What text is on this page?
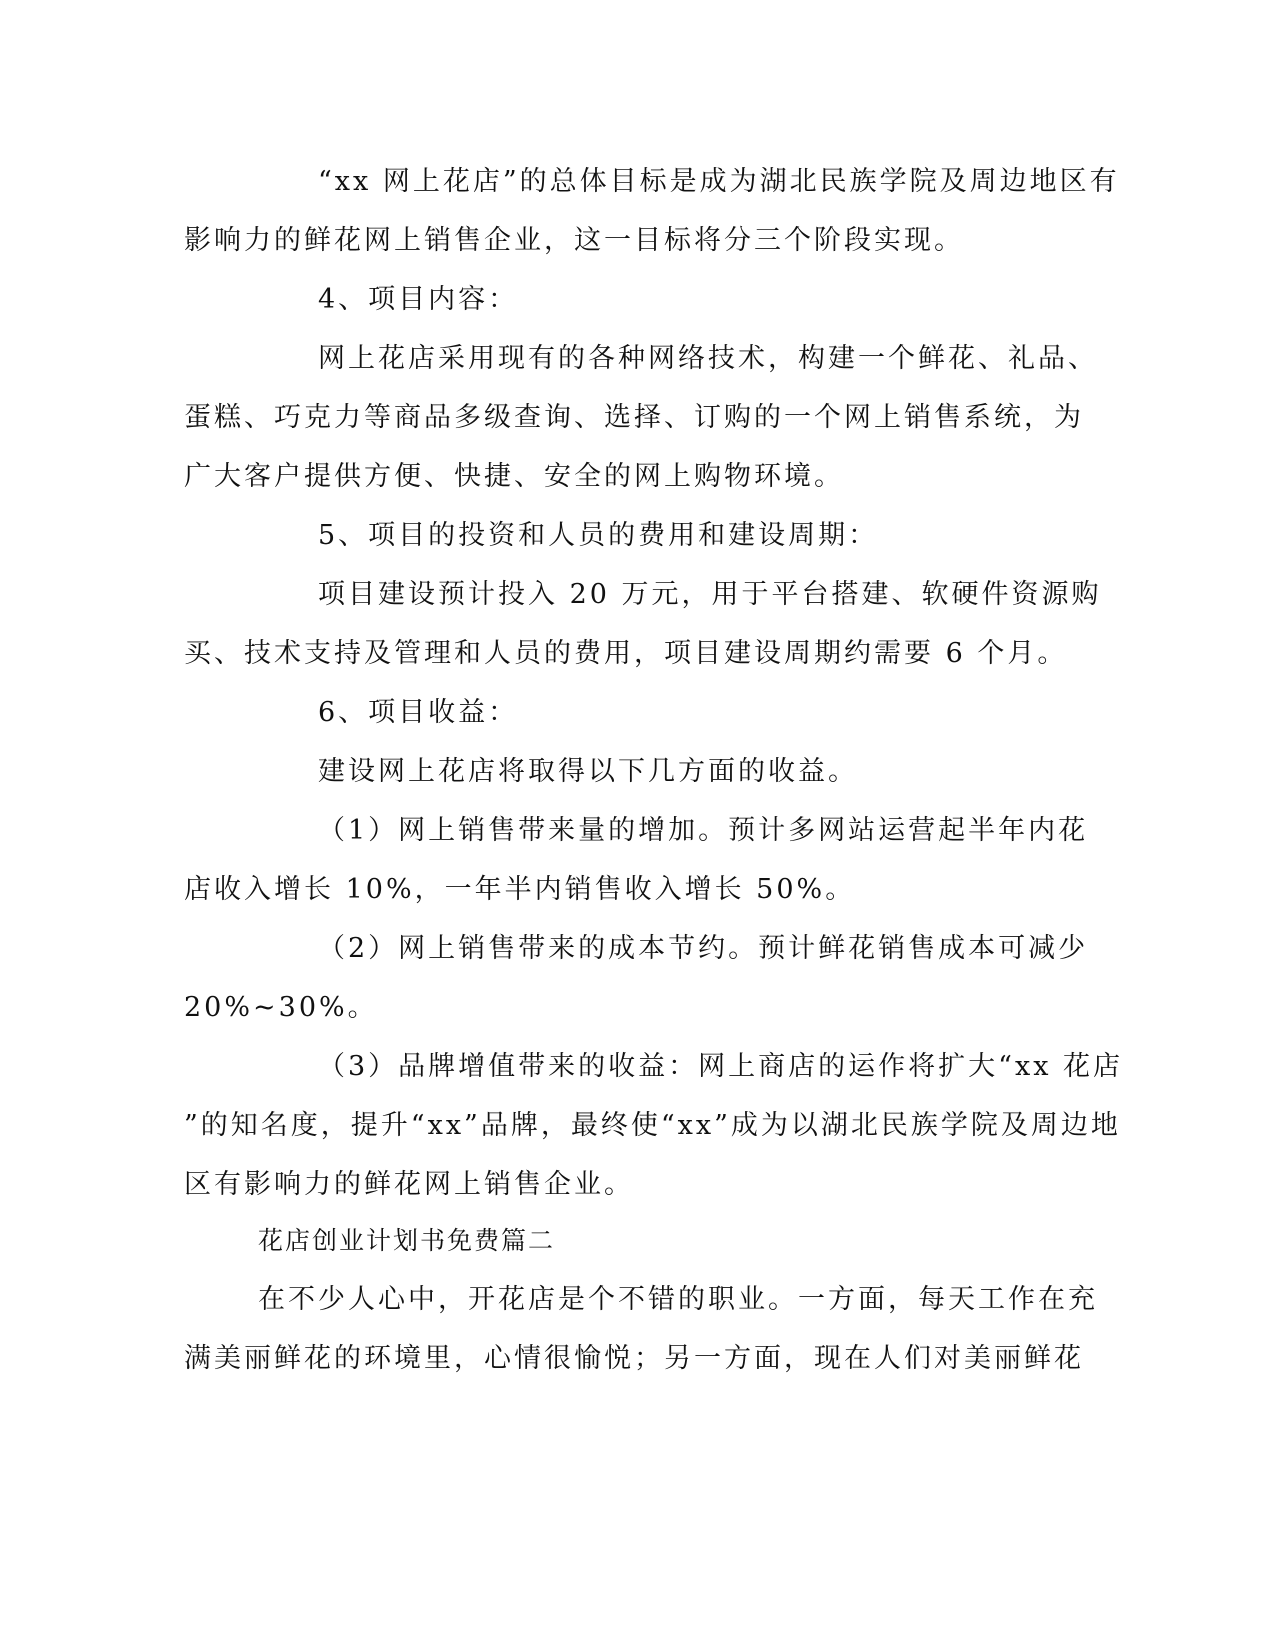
“xx 网上花店”的总体目标是成为湖北民族学院及周边地区有
影响力的鲜花网上销售企业，这一目标将分三个阶段实现。
4、项目内容：
网上花店采用现有的各种网络技术，构建一个鲜花、礼品、
蛋糕、巧克力等商品多级查询、选择、订购的一个网上销售系统，为
广大客户提供方便、快捷、安全的网上购物环境。
5、项目的投资和人员的费用和建设周期：
项目建设预计投入 20 万元，用于平台搭建、软硬件资源购
买、技术支持及管理和人员的费用，项目建设周期约需要 6 个月。
6、项目收益：
建设网上花店将取得以下几方面的收益。
（1）网上销售带来量的增加。预计多网站运营起半年内花
店收入增长 10%，一年半内销售收入增长 50%。
（2）网上销售带来的成本节约。预计鲜花销售成本可减少
20%~30%。
（3）品牌增值带来的收益：网上商店的运作将扩大“xx 花店
”的知名度，提升“xx”品牌，最终使“xx”成为以湖北民族学院及周边地
区有影响力的鲜花网上销售企业。
花店创业计划书免费篇二
在不少人心中，开花店是个不错的职业。一方面，每天工作在充
满美丽鲜花的环境里，心情很愉悦；另一方面，现在人们对美丽鲜花
